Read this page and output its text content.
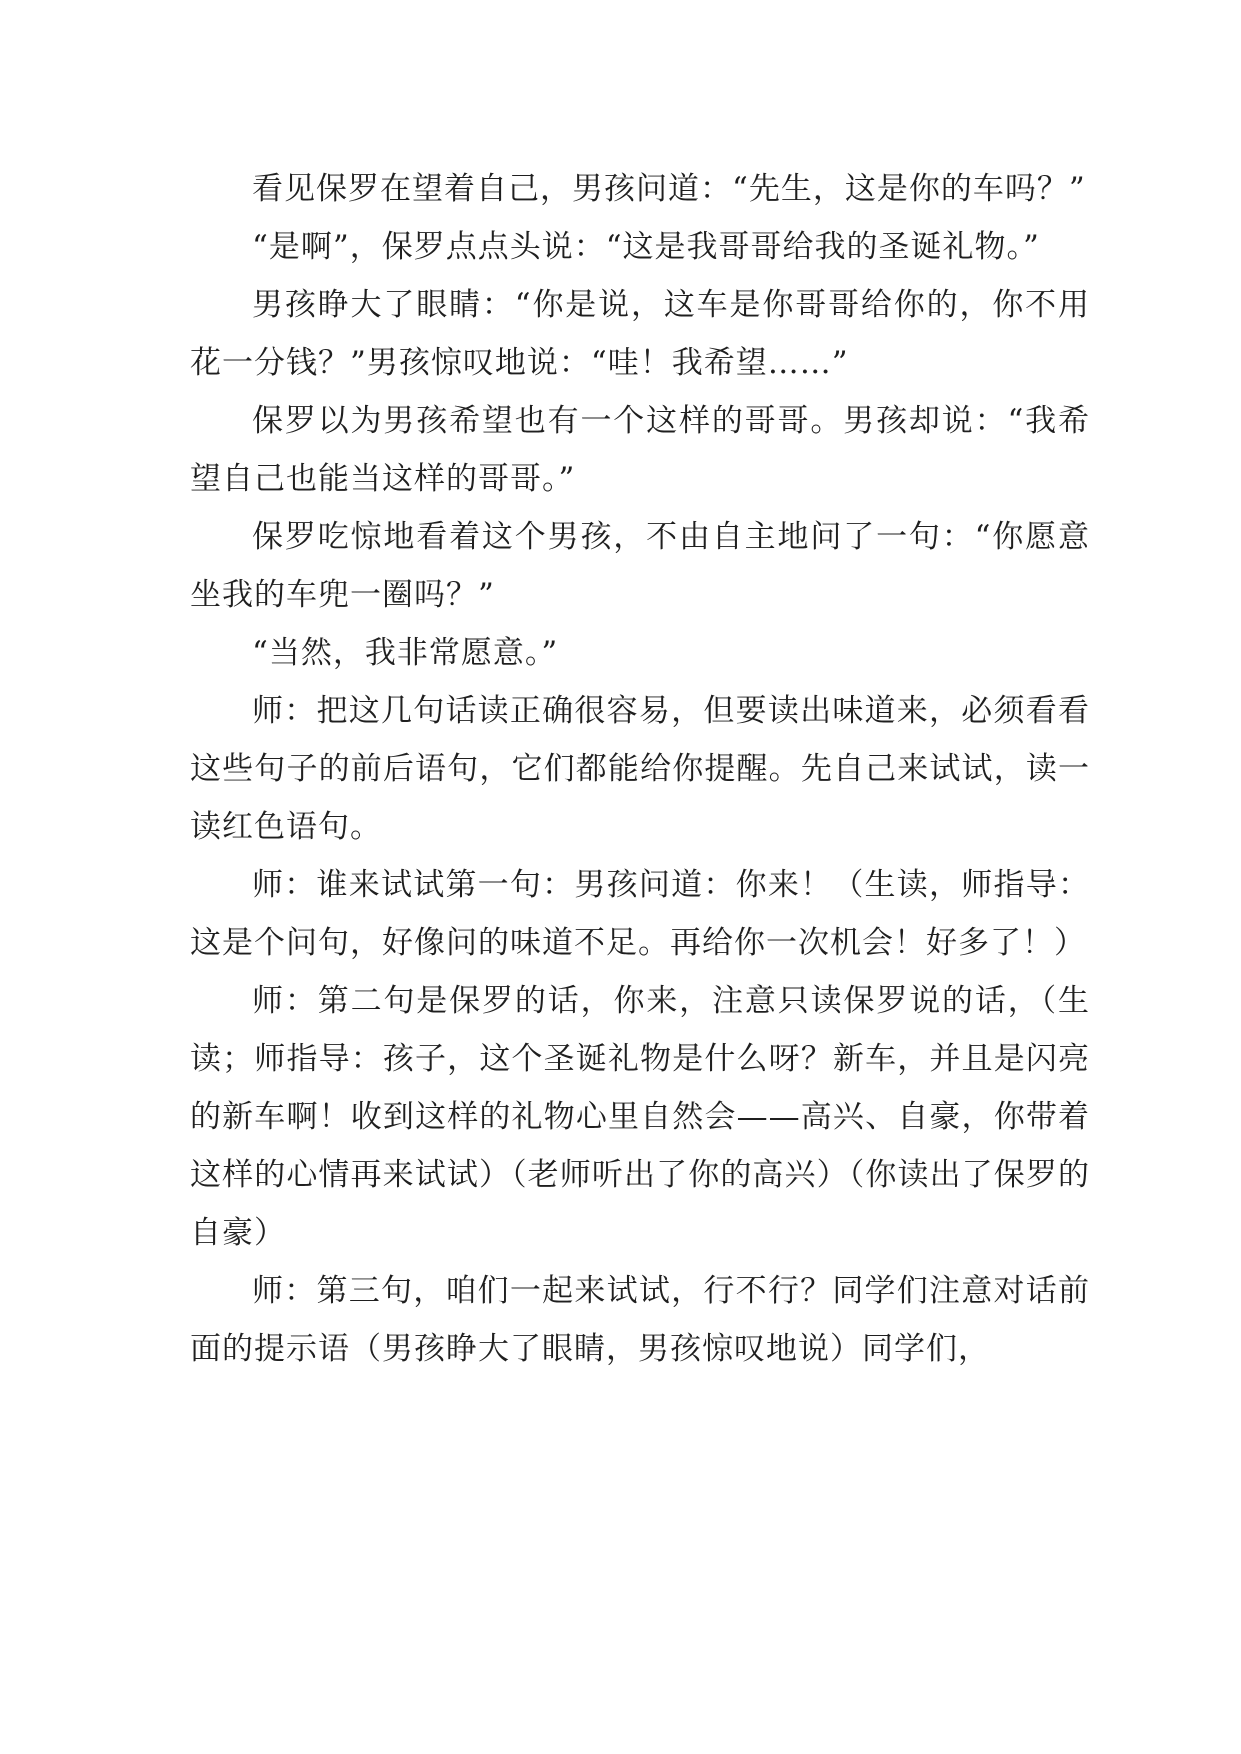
看见保罗在望着自己，男孩问道：“先生，这是你的车吗？”

“是啊”，保罗点点头说：“这是我哥哥给我的圣诞礼物。”

男孩睁大了眼睛：“你是说，这车是你哥哥给你的，你不用花一分钱？”男孩惊叹地说：“哇！我希望……”

保罗以为男孩希望也有一个这样的哥哥。男孩却说：“我希望自己也能当这样的哥哥。”

保罗吃惊地看着这个男孩，不由自主地问了一句：“你愿意坐我的车兜一圈吗？”

“当然，我非常愿意。”

师：把这几句话读正确很容易，但要读出味道来，必须看看这些句子的前后语句，它们都能给你提醒。先自己来试试，读一读红色语句。

师：谁来试试第一句：男孩问道：你来！（生读，师指导：这是个问句，好像问的味道不足。再给你一次机会！好多了！）

师：第二句是保罗的话，你来，注意只读保罗说的话，（生读；师指导：孩子，这个圣诞礼物是什么呀？新车，并且是闪亮的新车啊！收到这样的礼物心里自然会——高兴、自豪，你带着这样的心情再来试试）（老师听出了你的高兴）（你读出了保罗的自豪）

师：第三句，咱们一起来试试，行不行？同学们注意对话前面的提示语（男孩睁大了眼睛，男孩惊叹地说）同学们，
